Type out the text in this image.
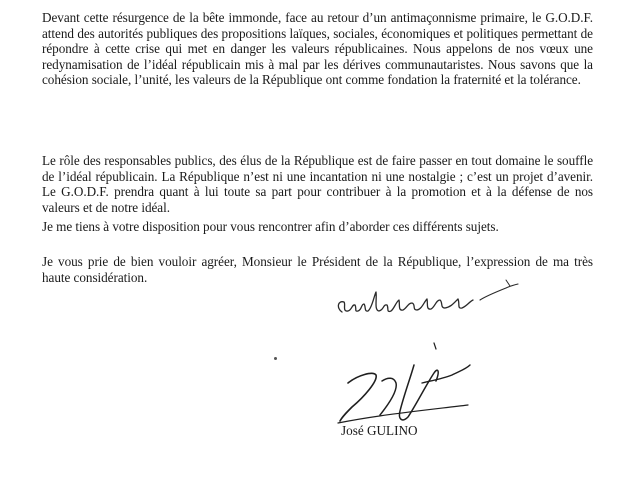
Devant cette résurgence de la bête immonde, face au retour d’un antimaçonnisme primaire, le G.O.D.F. attend des autorités publiques des propositions laïques, sociales, économiques et politiques permettant de répondre à cette crise qui met en danger les valeurs républicaines. Nous appelons de nos vœux une redynamisation de l’idéal républicain mis à mal par les dérives communautaristes. Nous savons que la cohésion sociale, l’unité, les valeurs de la République ont comme fondation la fraternité et la tolérance.

Le rôle des responsables publics, des élus de la République est de faire passer en tout domaine le souffle de l’idéal républicain. La République n’est ni une incantation ni une nostalgie ; c’est un projet d’avenir. Le G.O.D.F. prendra quant à lui toute sa part pour contribuer à la promotion et à la défense de nos valeurs et de notre idéal.

Je me tiens à votre disposition pour vous rencontrer afin d’aborder ces différents sujets.

Je vous prie de bien vouloir agréer, Monsieur le Président de la République, l’expression de ma très haute considération.

José GULINO
